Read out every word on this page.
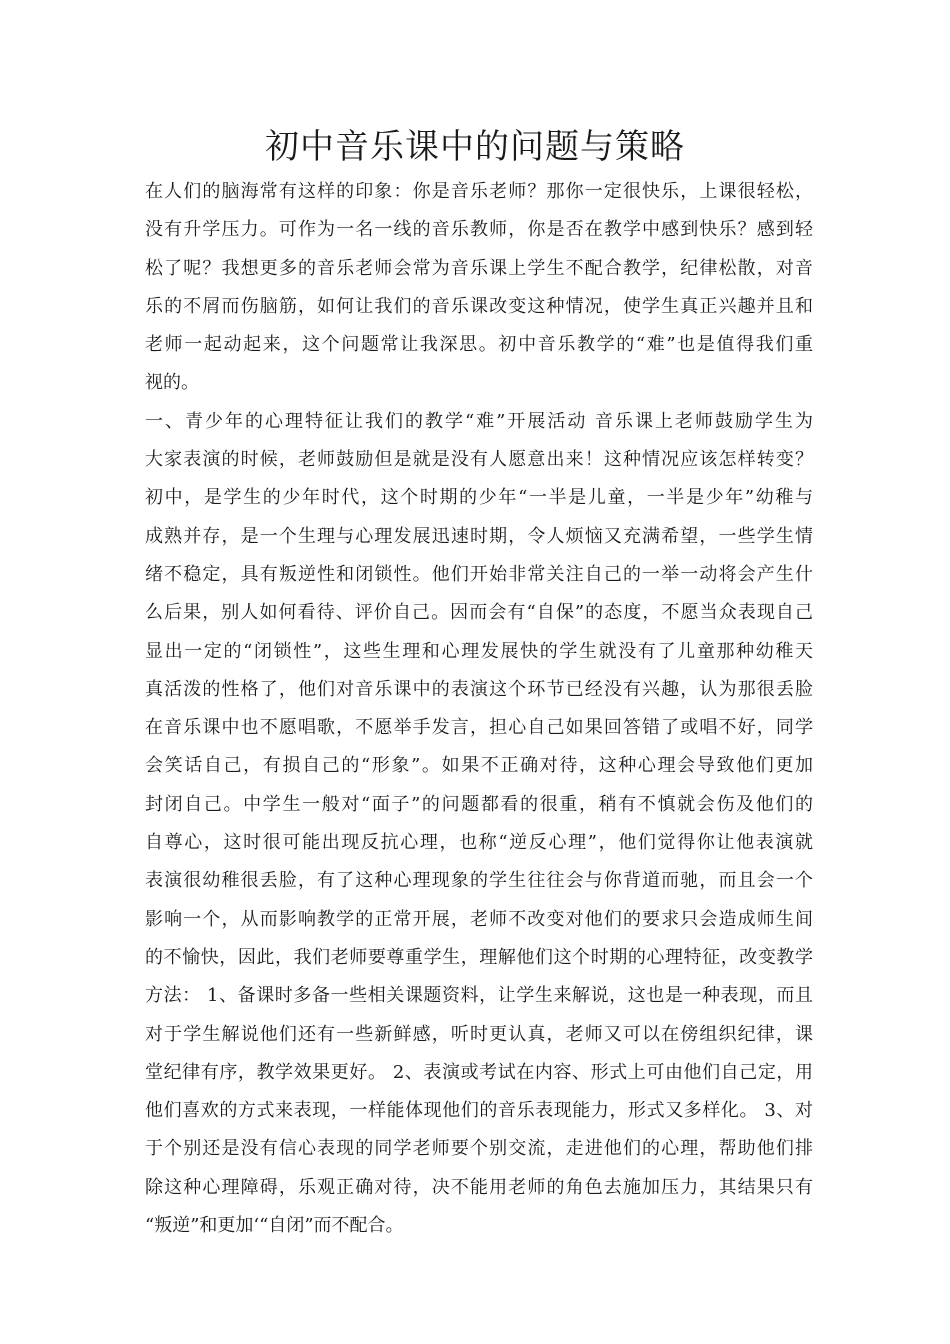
初中音乐课中的问题与策略
在人们的脑海常有这样的印象：你是音乐老师？那你一定很快乐，上课很轻松，
没有升学压力。可作为一名一线的音乐教师，你是否在教学中感到快乐？感到轻
松了呢？我想更多的音乐老师会常为音乐课上学生不配合教学，纪律松散，对音
乐的不屑而伤脑筋，如何让我们的音乐课改变这种情况，使学生真正兴趣并且和
老师一起动起来，这个问题常让我深思。初中音乐教学的“难”也是值得我们重
视的。
一、青少年的心理特征让我们的教学“难”开展活动 音乐课上老师鼓励学生为
大家表演的时候，老师鼓励但是就是没有人愿意出来！这种情况应该怎样转变？
初中，是学生的少年时代，这个时期的少年“一半是儿童，一半是少年”幼稚与
成熟并存，是一个生理与心理发展迅速时期，令人烦恼又充满希望，一些学生情
绪不稳定，具有叛逆性和闭锁性。他们开始非常关注自己的一举一动将会产生什
么后果，别人如何看待、评价自己。因而会有“自保”的态度，不愿当众表现自己
显出一定的“闭锁性”，这些生理和心理发展快的学生就没有了儿童那种幼稚天
真活泼的性格了，他们对音乐课中的表演这个环节已经没有兴趣，认为那很丢脸
在音乐课中也不愿唱歌，不愿举手发言，担心自己如果回答错了或唱不好，同学
会笑话自己，有损自己的“形象”。如果不正确对待，这种心理会导致他们更加
封闭自己。中学生一般对“面子”的问题都看的很重，稍有不慎就会伤及他们的
自尊心，这时很可能出现反抗心理，也称“逆反心理”，他们觉得你让他表演就
表演很幼稚很丢脸，有了这种心理现象的学生往往会与你背道而驰，而且会一个
影响一个，从而影响教学的正常开展，老师不改变对他们的要求只会造成师生间
的不愉快，因此，我们老师要尊重学生，理解他们这个时期的心理特征，改变教学
方法： 1、备课时多备一些相关课题资料，让学生来解说，这也是一种表现，而且
对于学生解说他们还有一些新鲜感，听时更认真，老师又可以在傍组织纪律，课
堂纪律有序，教学效果更好。 2、表演或考试在内容、形式上可由他们自己定，用
他们喜欢的方式来表现，一样能体现他们的音乐表现能力，形式又多样化。 3、对
于个别还是没有信心表现的同学老师要个别交流，走进他们的心理，帮助他们排
除这种心理障碍，乐观正确对待，决不能用老师的角色去施加压力，其结果只有
“叛逆”和更加‘“自闭”而不配合。
